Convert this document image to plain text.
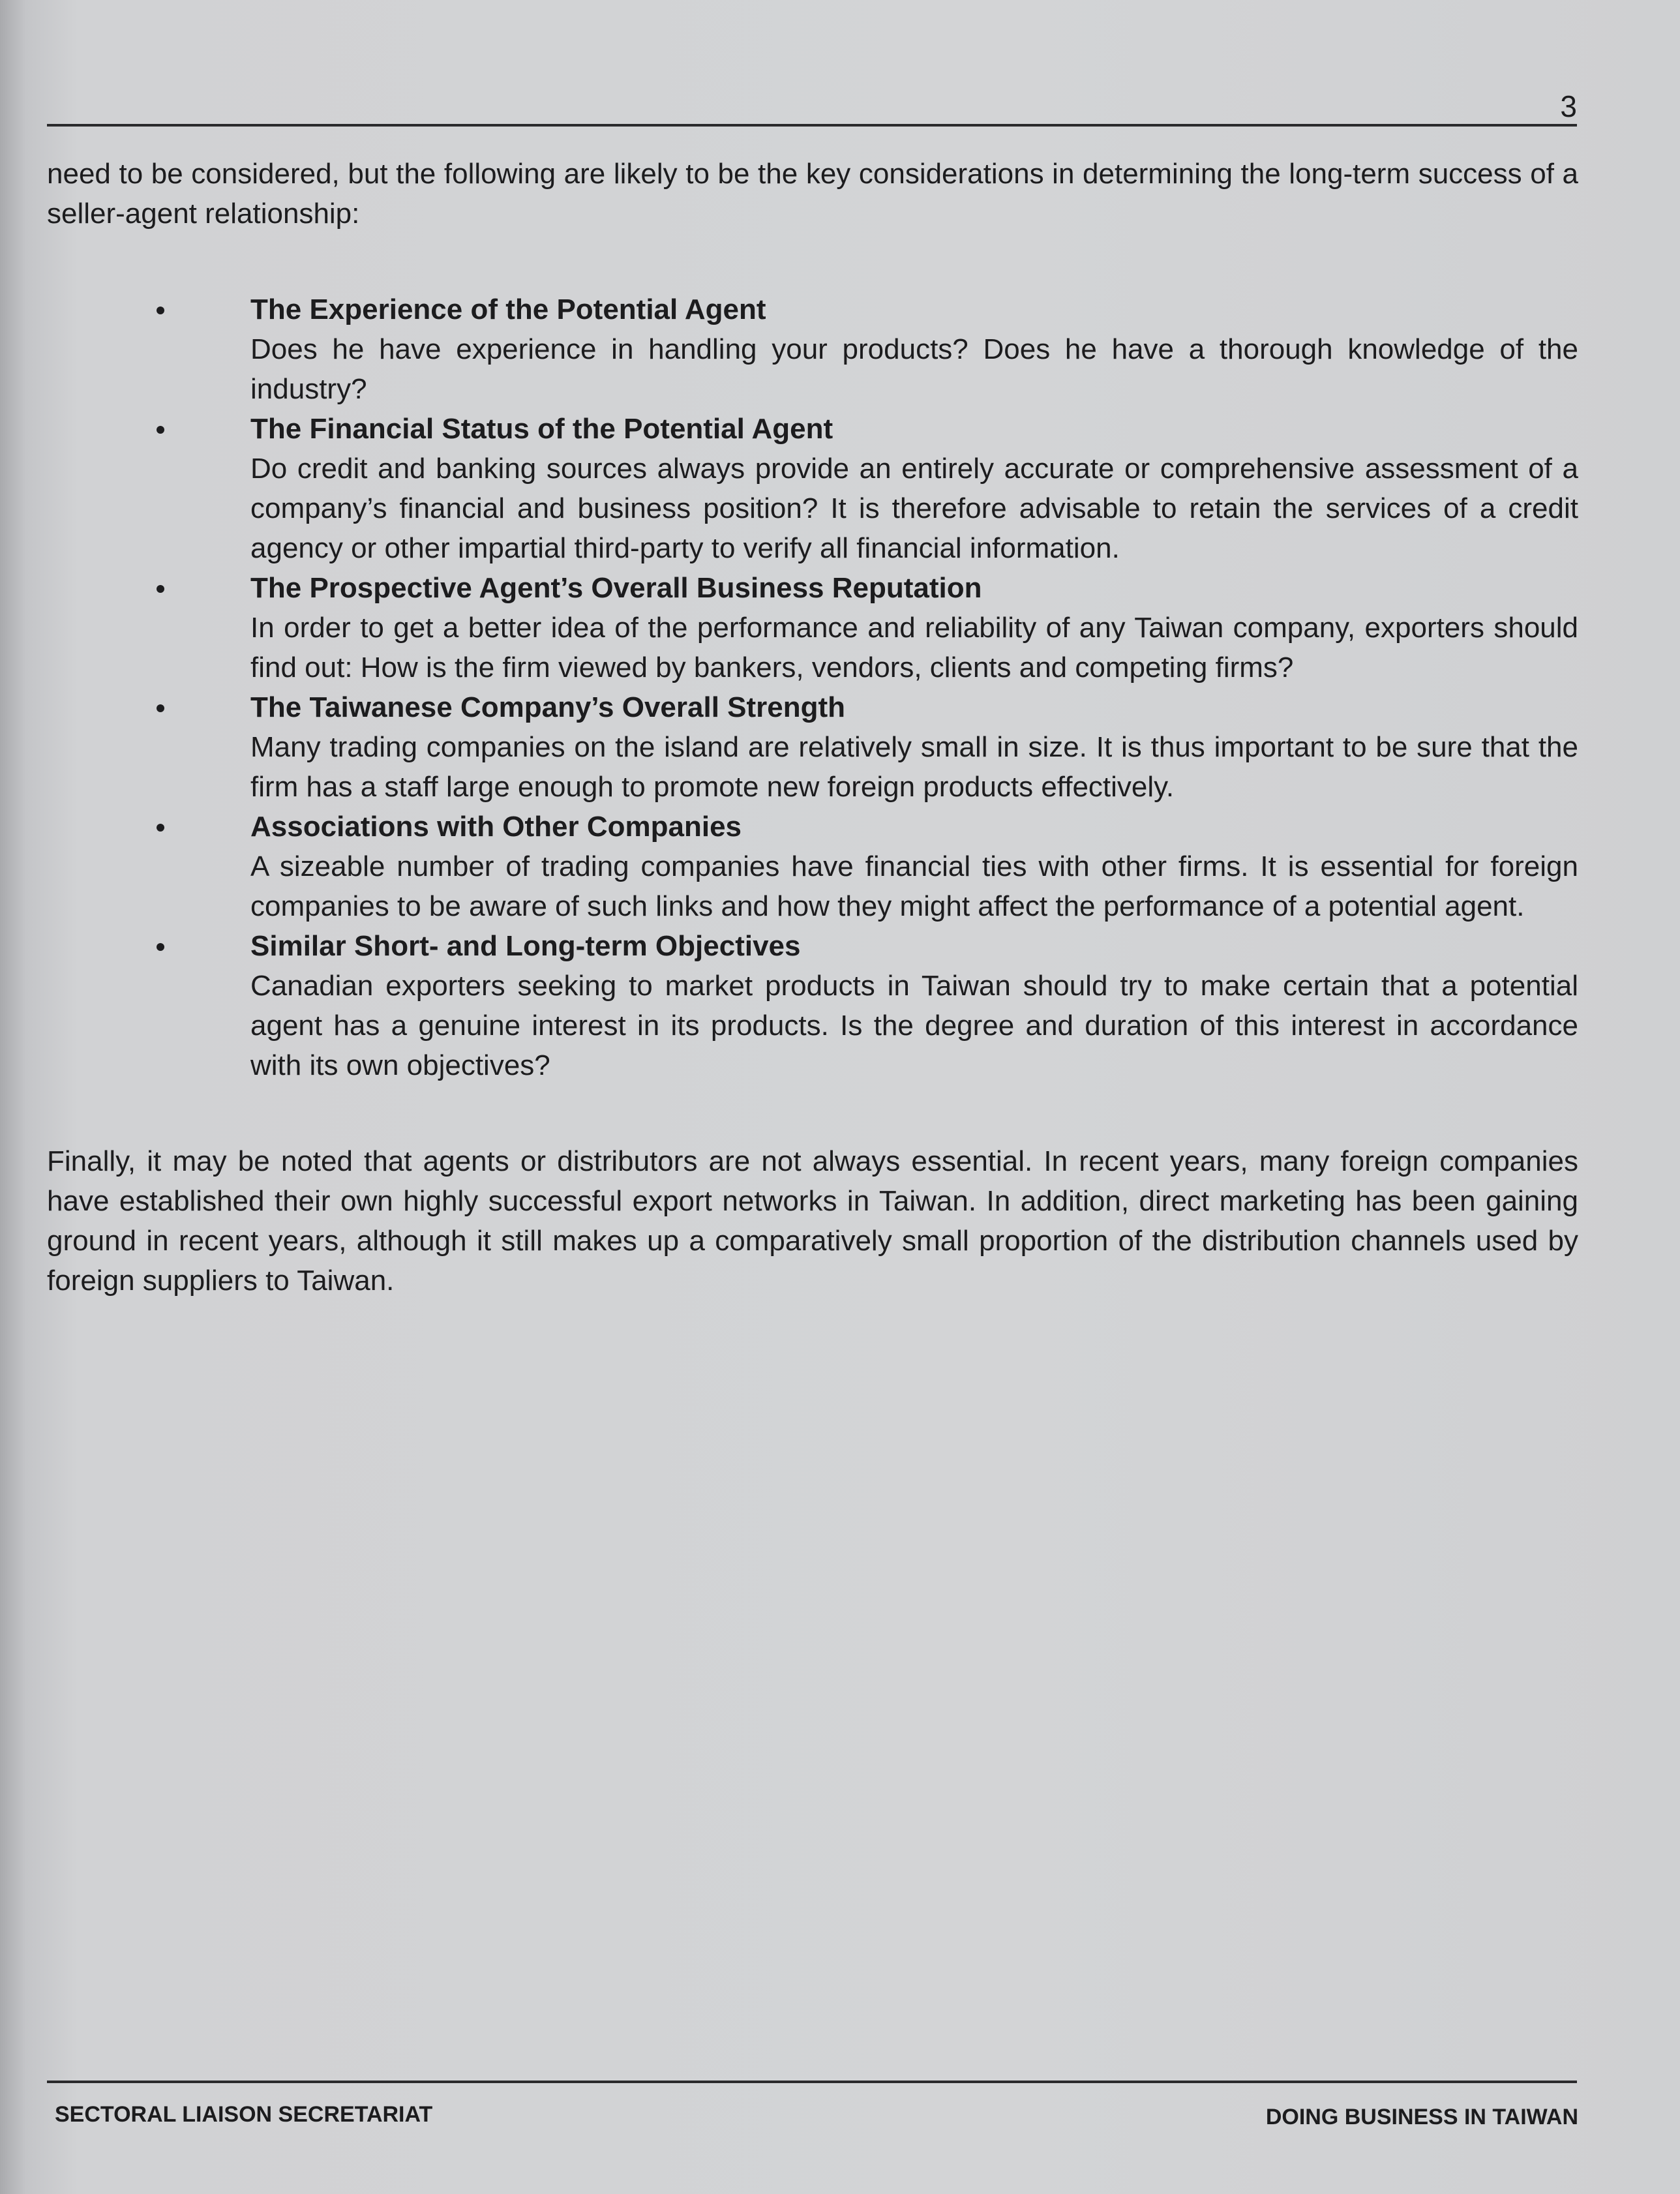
3

need to be considered, but the following are likely to be the key considerations in determining the long-term success of a seller-agent relationship:

The Experience of the Potential Agent
Does he have experience in handling your products? Does he have a thorough knowledge of the industry?
The Financial Status of the Potential Agent
Do credit and banking sources always provide an entirely accurate or comprehensive assessment of a company’s financial and business position? It is therefore advisable to retain the services of a credit agency or other impartial third-party to verify all financial information.
The Prospective Agent’s Overall Business Reputation
In order to get a better idea of the performance and reliability of any Taiwan company, exporters should find out: How is the firm viewed by bankers, vendors, clients and competing firms?
The Taiwanese Company’s Overall Strength
Many trading companies on the island are relatively small in size. It is thus important to be sure that the firm has a staff large enough to promote new foreign products effectively.
Associations with Other Companies
A sizeable number of trading companies have financial ties with other firms. It is essential for foreign companies to be aware of such links and how they might affect the performance of a potential agent.
Similar Short- and Long-term Objectives
Canadian exporters seeking to market products in Taiwan should try to make certain that a potential agent has a genuine interest in its products. Is the degree and duration of this interest in accordance with its own objectives?

Finally, it may be noted that agents or distributors are not always essential. In recent years, many foreign companies have established their own highly successful export networks in Taiwan. In addition, direct marketing has been gaining ground in recent years, although it still makes up a comparatively small proportion of the distribution channels used by foreign suppliers to Taiwan.

SECTORAL LIAISON SECRETARIAT	DOING BUSINESS IN TAIWAN
